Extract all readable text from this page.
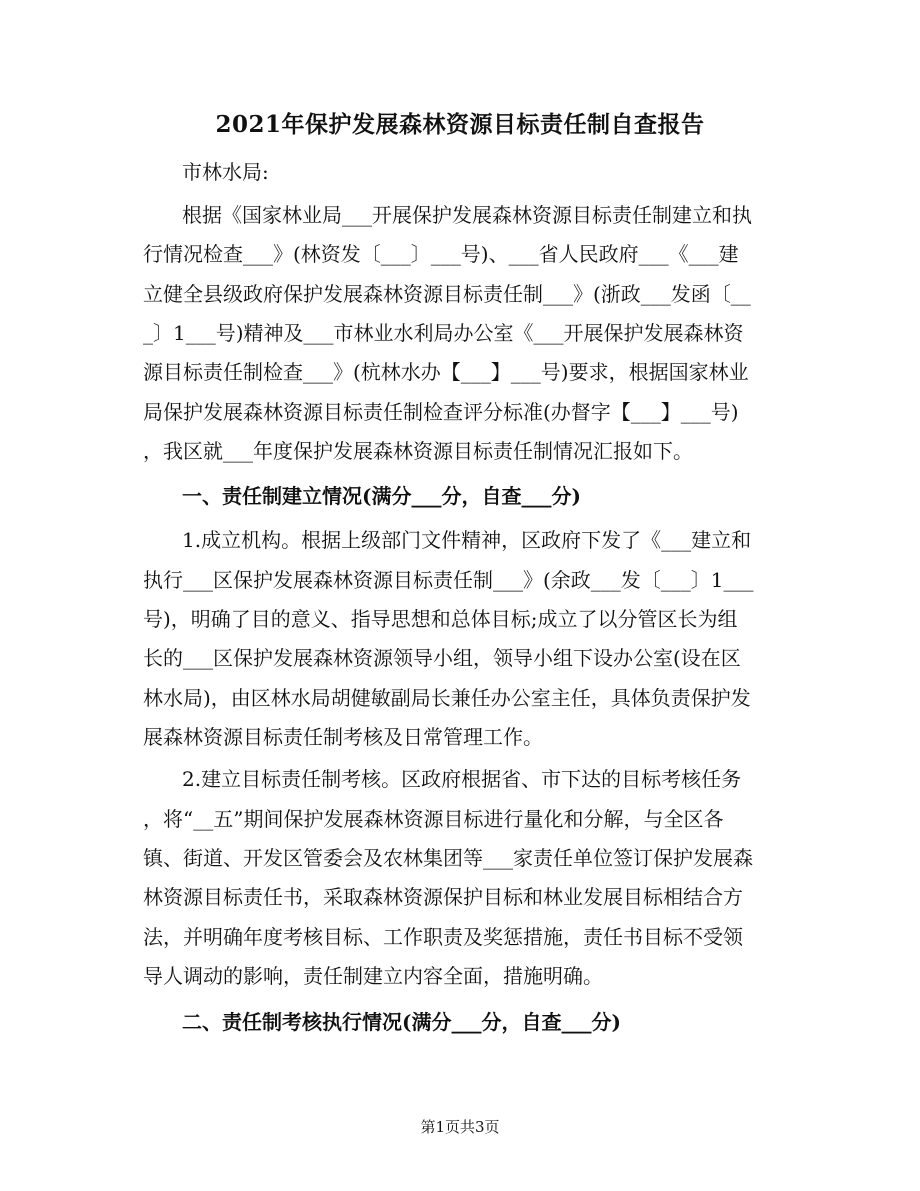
2021年保护发展森林资源目标责任制自查报告
市林水局:
根据《国家林业局___开展保护发展森林资源目标责任制建立和执
行情况检查___》(林资发〔___〕___号)、___省人民政府___《___建
立健全县级政府保护发展森林资源目标责任制___》(浙政___发函〔__
_〕1___号)精神及___市林业水利局办公室《___开展保护发展森林资
源目标责任制检查___》(杭林水办【___】___号)要求，根据国家林业
局保护发展森林资源目标责任制检查评分标准(办督字【___】___号)
，我区就___年度保护发展森林资源目标责任制情况汇报如下。
一、责任制建立情况(满分___分，自查___分)
1.成立机构。根据上级部门文件精神，区政府下发了《___建立和
执行___区保护发展森林资源目标责任制___》(余政___发〔___〕1___
号)，明确了目的意义、指导思想和总体目标;成立了以分管区长为组
长的___区保护发展森林资源领导小组，领导小组下设办公室(设在区
林水局)，由区林水局胡健敏副局长兼任办公室主任，具体负责保护发
展森林资源目标责任制考核及日常管理工作。
2.建立目标责任制考核。区政府根据省、市下达的目标考核任务
，将“__五”期间保护发展森林资源目标进行量化和分解，与全区各
镇、街道、开发区管委会及农林集团等___家责任单位签订保护发展森
林资源目标责任书，采取森林资源保护目标和林业发展目标相结合方
法，并明确年度考核目标、工作职责及奖惩措施，责任书目标不受领
导人调动的影响，责任制建立内容全面，措施明确。
二、责任制考核执行情况(满分___分，自查___分)
第1页共3页
